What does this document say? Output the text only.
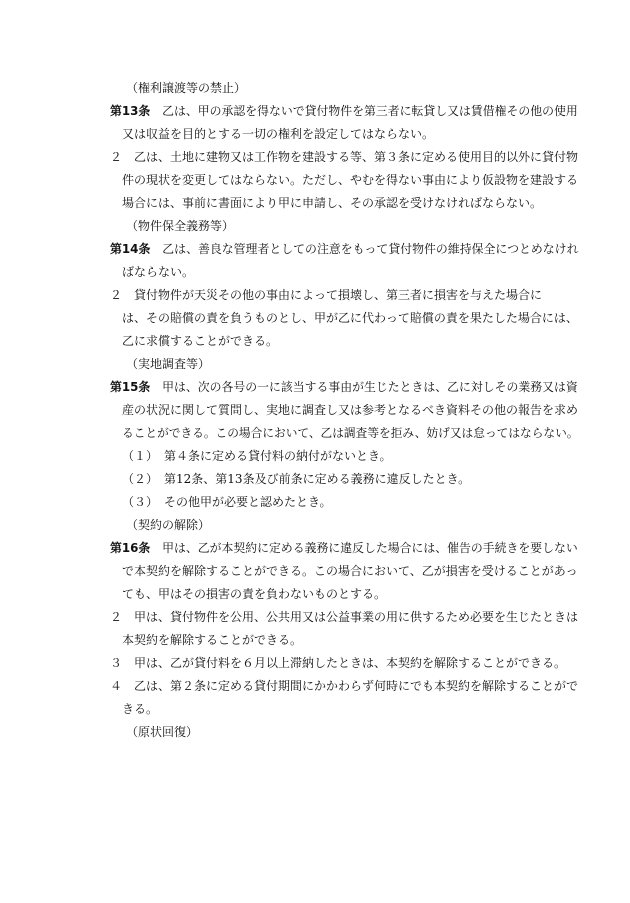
（権利譲渡等の禁止）
第13条　 乙は、甲の承認を得ないで貸付物件を第三者に転貸し又は賃借権その他の使用
又は収益を目的とする一切の権利を設定してはならない。
２　 乙は、土地に建物又は工作物を建設する等、第３条に定める使用目的以外に貸付物
件の現状を変更してはならない。ただし、やむを得ない事由により仮設物を建設する
場合には、事前に書面により甲に申請し、その承認を受けなければならない。
（物件保全義務等）
第14条　 乙は、善良な管理者としての注意をもって貸付物件の維持保全につとめなけれ
ばならない。
２　 貸付物件が天災その他の事由によって損壊し、第三者に損害を与えた場合に
は、その賠償の責を負うものとし、甲が乙に代わって賠償の責を果たした場合には、
乙に求償することができる。
（実地調査等）
第15条　 甲は、次の各号の一に該当する事由が生じたときは、乙に対しその業務又は資
産の状況に関して質問し、実地に調査し又は参考となるべき資料その他の報告を求め
ることができる。この場合において、乙は調査等を拒み、妨げ又は怠ってはならない。
（１）　 第４条に定める貸付料の納付がないとき。
（２）　 第12条、第13条及び前条に定める義務に違反したとき。
（３）　 その他甲が必要と認めたとき。
（契約の解除）
第16条　 甲は、乙が本契約に定める義務に違反した場合には、催告の手続きを要しない
で本契約を解除することができる。この場合において、乙が損害を受けることがあっ
ても、甲はその損害の責を負わないものとする。
２　 甲は、貸付物件を公用、公共用又は公益事業の用に供するため必要を生じたときは
本契約を解除することができる。
３　 甲は、乙が貸付料を６月以上滞納したときは、本契約を解除することができる。
４　 乙は、第２条に定める貸付期間にかかわらず何時にでも本契約を解除することがで
きる。
（原状回復）
